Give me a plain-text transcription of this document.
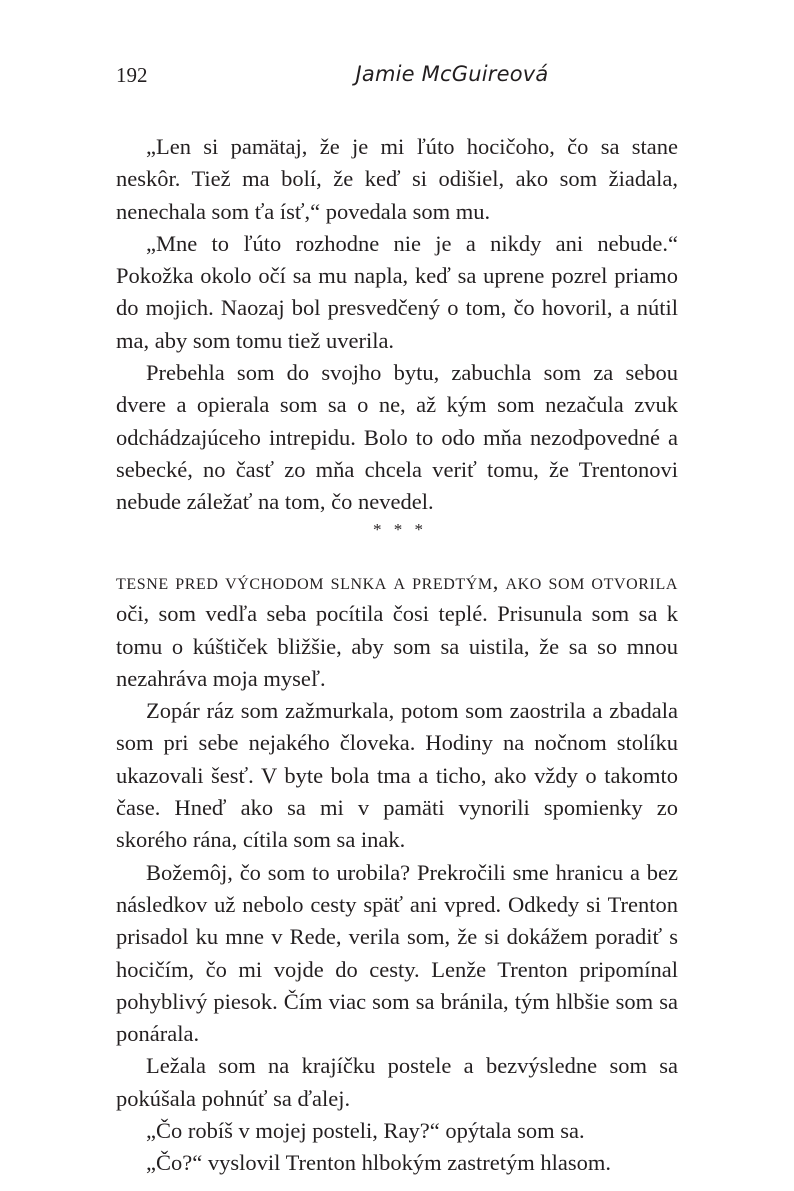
192	Jamie McGuireová

„Len si pamätaj, že je mi ľúto hocičoho, čo sa stane neskôr. Tiež ma bolí, že keď si odišiel, ako som žiadala, nenechala som ťa ísť,“ povedala som mu.

„Mne to ľúto rozhodne nie je a nikdy ani nebude.“ Pokožka okolo očí sa mu napla, keď sa uprene pozrel priamo do mojich. Naozaj bol presvedčený o tom, čo hovoril, a nútil ma, aby som tomu tiež uverila.

Prebehla som do svojho bytu, zabuchla som za sebou dvere a opierala som sa o ne, až kým som nezačula zvuk odchádzajúceho intrepidu. Bolo to odo mňa nezodpovedné a sebecké, no časť zo mňa chcela veriť tomu, že Trentonovi nebude záležať na tom, čo nevedel.

* * *

tesne pred východom slnka a predtým, ako som otvorila oči, som vedľa seba pocítila čosi teplé. Prisunula som sa k tomu o kúštiček bližšie, aby som sa uistila, že sa so mnou nezahráva moja myseľ.

Zopár ráz som zažmurkala, potom som zaostrila a zbadala som pri sebe nejakého človeka. Hodiny na nočnom stolíku ukazovali šesť. V byte bola tma a ticho, ako vždy o takomto čase. Hneď ako sa mi v pamäti vynorili spomienky zo skorého rána, cítila som sa inak.

Božemôj, čo som to urobila? Prekročili sme hranicu a bez následkov už nebolo cesty späť ani vpred. Odkedy si Trenton prisadol ku mne v Rede, verila som, že si dokážem poradiť s hocičím, čo mi vojde do cesty. Lenže Trenton pripomínal pohyblivý piesok. Čím viac som sa bránila, tým hlbšie som sa ponárala.

Ležala som na krajíčku postele a bezvýsledne som sa pokúšala pohnúť sa ďalej.

„Čo robíš v mojej posteli, Ray?“ opýtala som sa.

„Čo?“ vyslovil Trenton hlbokým zastretým hlasom.
